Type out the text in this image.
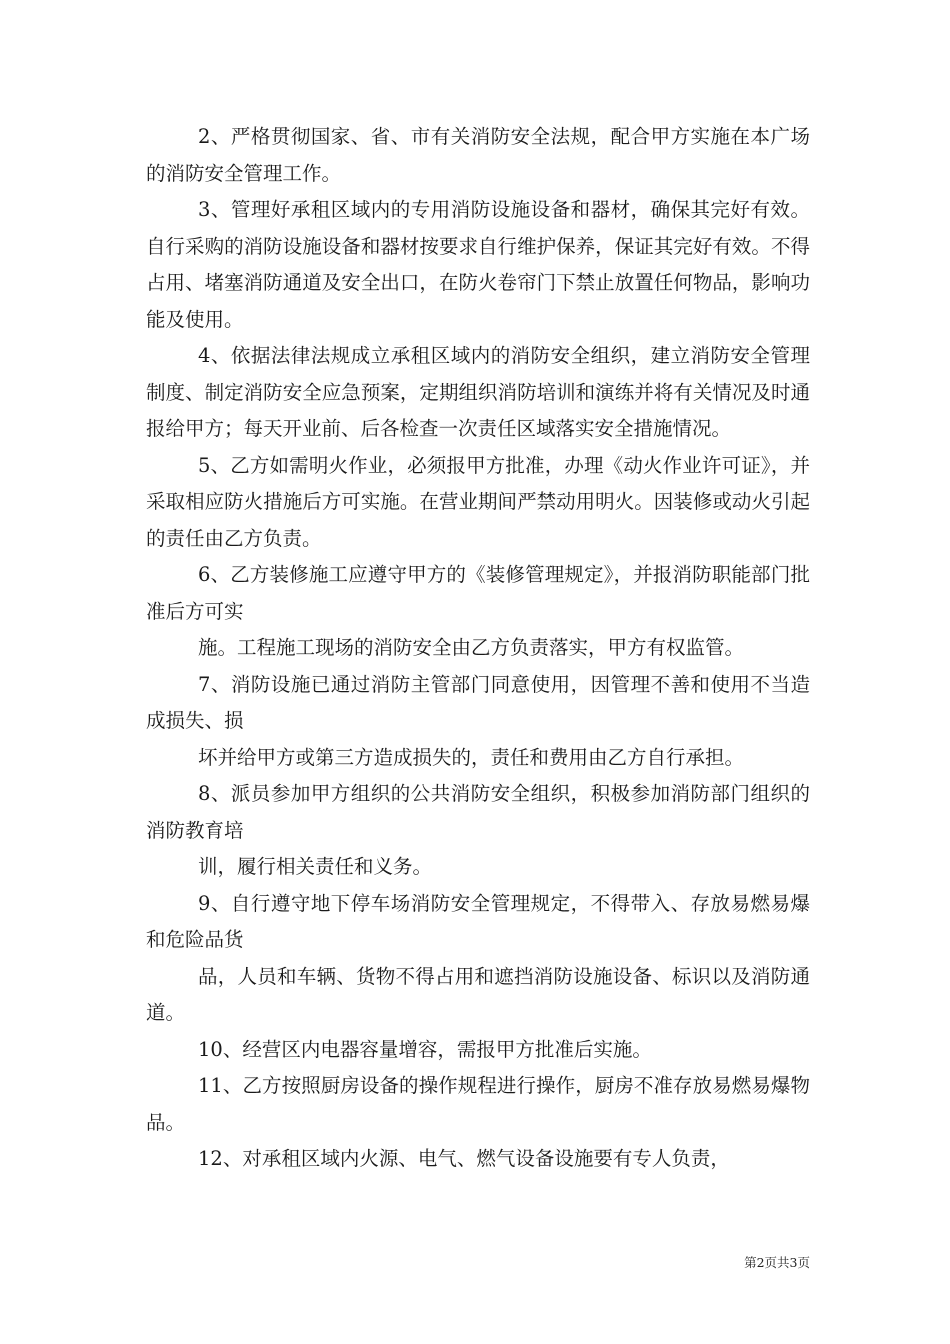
2、严格贯彻国家、省、市有关消防安全法规，配合甲方实施在本广场的消防安全管理工作。

3、管理好承租区域内的专用消防设施设备和器材，确保其完好有效。自行采购的消防设施设备和器材按要求自行维护保养，保证其完好有效。不得占用、堵塞消防通道及安全出口，在防火卷帘门下禁止放置任何物品，影响功能及使用。

4、依据法律法规成立承租区域内的消防安全组织，建立消防安全管理制度、制定消防安全应急预案，定期组织消防培训和演练并将有关情况及时通报给甲方；每天开业前、后各检查一次责任区域落实安全措施情况。

5、乙方如需明火作业，必须报甲方批准，办理《动火作业许可证》，并采取相应防火措施后方可实施。在营业期间严禁动用明火。因装修或动火引起的责任由乙方负责。

6、乙方装修施工应遵守甲方的《装修管理规定》，并报消防职能部门批准后方可实

施。工程施工现场的消防安全由乙方负责落实，甲方有权监管。

7、消防设施已通过消防主管部门同意使用，因管理不善和使用不当造成损失、损

坏并给甲方或第三方造成损失的，责任和费用由乙方自行承担。

8、派员参加甲方组织的公共消防安全组织，积极参加消防部门组织的消防教育培

训，履行相关责任和义务。

9、自行遵守地下停车场消防安全管理规定，不得带入、存放易燃易爆和危险品货

品，人员和车辆、货物不得占用和遮挡消防设施设备、标识以及消防通道。

10、经营区内电器容量增容，需报甲方批准后实施。

11、乙方按照厨房设备的操作规程进行操作，厨房不准存放易燃易爆物品。

12、对承租区域内火源、电气、燃气设备设施要有专人负责，

第2页共3页
